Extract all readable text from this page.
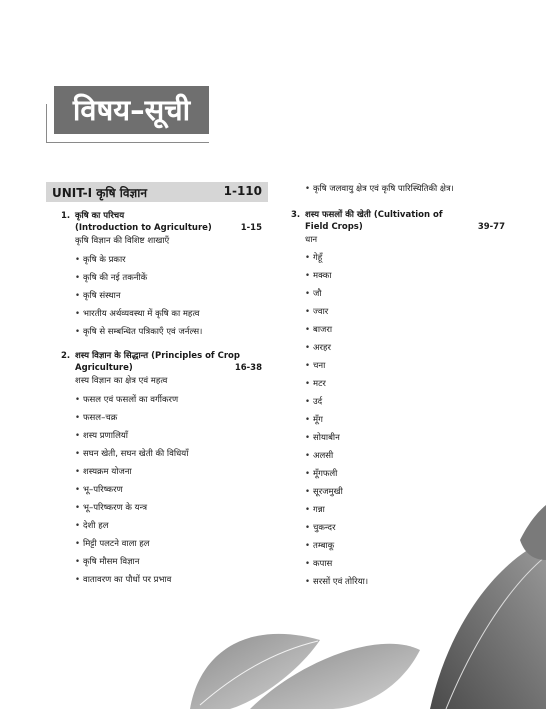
विषय–सूची
UNIT-I कृषि विज्ञान	1-110
1. कृषि का परिचय
(Introduction to Agriculture)	1-15
कृषि विज्ञान की विशिष्ट शाखाएँ
• कृषि के प्रकार
• कृषि की नई तकनीकें
• कृषि संस्थान
• भारतीय अर्थव्यवस्था में कृषि का महत्व
• कृषि से सम्बन्धित पत्रिकाएँ एवं जर्नल्स।
2. शस्य विज्ञान के सिद्धान्त (Principles of Crop
Agriculture)	16-38
शस्य विज्ञान का क्षेत्र एवं महत्व
• फसल एवं फसलों का वर्गीकरण
• फसल–चक्र
• शस्य प्रणालियाँ
• सघन खेती, सघन खेती की विधियाँ
• शस्यक्रम योजना
• भू–परिष्करण
• भू–परिष्करण के यन्त्र
• देशी हल
• मिट्टी पलटने वाला हल
• कृषि मौसम विज्ञान
• वातावरण का पौधों पर प्रभाव
• कृषि जलवायु क्षेत्र एवं कृषि पारिस्थितिकी क्षेत्र।
3. शस्य फसलों की खेती (Cultivation of
Field Crops)	39-77
धान
• गेहूँ
• मक्का
• जौ
• ज्वार
• बाजरा
• अरहर
• चना
• मटर
• उर्द
• मूँग
• सोयाबीन
• अलसी
• मूँगफली
• सूरजमुखी
• गन्ना
• चुकन्दर
• तम्बाकू
• कपास
• सरसों एवं तोरिया।
